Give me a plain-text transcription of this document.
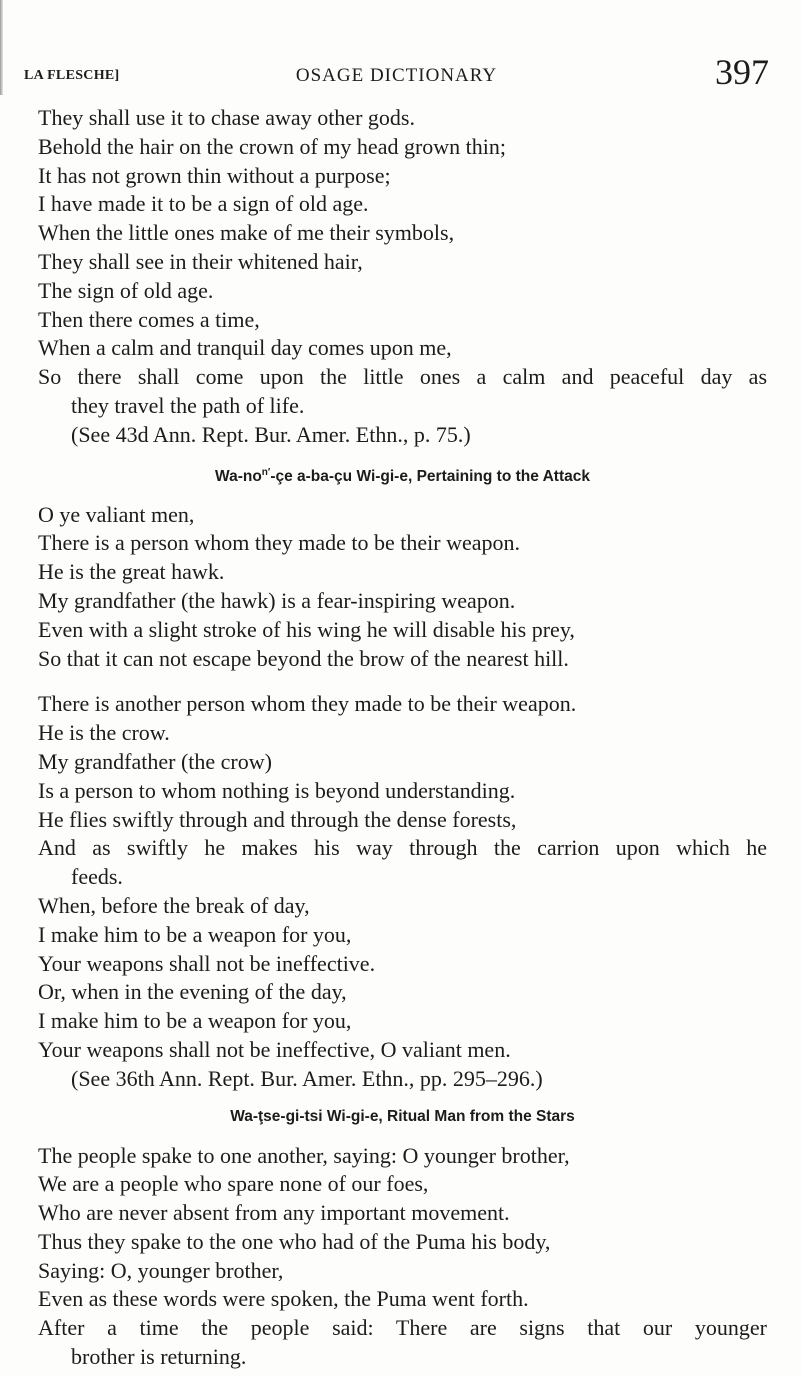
LA FLESCHE]	OSAGE DICTIONARY	397
They shall use it to chase away other gods.
Behold the hair on the crown of my head grown thin;
It has not grown thin without a purpose;
I have made it to be a sign of old age.
When the little ones make of me their symbols,
They shall see in their whitened hair,
The sign of old age.
Then there comes a time,
When a calm and tranquil day comes upon me,
So there shall come upon the little ones a calm and peaceful day as
they travel the path of life.
(See 43d Ann. Rept. Bur. Amer. Ethn., p. 75.)
$Wa-no^{n'}-çe$ a-ba-çu Wi-gi-e, Pertaining to the Attack
O ye valiant men,
There is a person whom they made to be their weapon.
He is the great hawk.
My grandfather (the hawk) is a fear-inspiring weapon.
Even with a slight stroke of his wing he will disable his prey,
So that it can not escape beyond the brow of the nearest hill.
There is another person whom they made to be their weapon.
He is the crow.
My grandfather (the crow)
Is a person to whom nothing is beyond understanding.
He flies swiftly through and through the dense forests,
And as swiftly he makes his way through the carrion upon which he
feeds.
When, before the break of day,
I make him to be a weapon for you,
Your weapons shall not be ineffective.
Or, when in the evening of the day,
I make him to be a weapon for you,
Your weapons shall not be ineffective, O valiant men.
(See 36th Ann. Rept. Bur. Amer. Ethn., pp. 295–296.)
Wa-ţse-gi-tsi Wi-gi-e, Ritual Man from the Stars
The people spake to one another, saying: O younger brother,
We are a people who spare none of our foes,
Who are never absent from any important movement.
Thus they spake to the one who had of the Puma his body,
Saying: O, younger brother,
Even as these words were spoken, the Puma went forth.
After a time the people said: There are signs that our younger
brother is returning.
